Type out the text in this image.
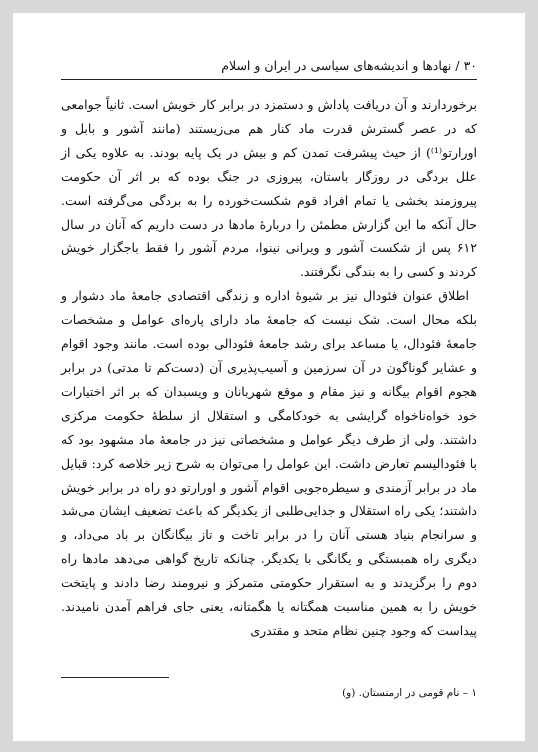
۳۰ / نهادها و اندیشه‌های سیاسی در ایران و اسلام

برخوردارند و آن دریافت پاداش و دستمزد در برابر کار خویش است. ثانیاً جوامعی که در عصر گسترش قدرت ماد کنار هم می‌زیستند (مانند آشور و بابل و اورارتو⁽¹⁾) از حیث پیشرفت تمدن کم و بیش در یک پایه بودند. به علاوه یکی از علل بردگی در روزگار باستان، پیروزی در جنگ بوده که بر اثر آن حکومت پیروزمند بخشی یا تمام افراد قوم شکست‌خورده را به بردگی می‌گرفته است. حال آنکه ما این گزارش مطمئن را دربارهٔ مادها در دست داریم که آنان در سال ۶۱۲ پس از شکست آشور و ویرانی نینوا، مردم آشور را فقط باجگزار خویش کردند و کسی را به بندگی نگرفتند.

اطلاق عنوان فئودال نیز بر شیوهٔ اداره و زندگی اقتصادی جامعهٔ ماد دشوار و بلکه محال است. شک نیست که جامعهٔ ماد دارای پاره‌ای عوامل و مشخصات جامعهٔ فئودال، یا مساعد برای رشد جامعهٔ فئودالی بوده است. مانند وجود اقوام و عشایر گوناگون در آن سرزمین و آسیب‌پذیری آن (دست‌کم تا مدتی) در برابر هجوم اقوام بیگانه و نیز مقام و موقع شهربانان و ویسبدان که بر اثر اختیارات خود خواه‌ناخواه گرایشی به خودکامگی و استقلال از سلطهٔ حکومت مرکزی داشتند. ولی از طرف دیگر عوامل و مشخصاتی نیز در جامعهٔ ماد مشهود بود که با فئودالیسم تعارض داشت. این عوامل را می‌توان به شرح زیر خلاصه کرد: قبایل ماد در برابر آزمندی و سیطره‌جویی اقوام آشور و اورارتو دو راه در برابر خویش داشتند؛ یکی راه استقلال و جدایی‌طلبی از یکدیگر که باعث تضعیف ایشان می‌شد و سرانجام بنیاد هستی آنان را در برابر تاخت و تاز بیگانگان بر باد می‌داد، و دیگری راه همبستگی و یگانگی با یکدیگر. چنانکه تاریخ گواهی می‌دهد مادها راه دوم را برگزیدند و به استقرار حکومتی متمرکز و نیرومند رضا دادند و پایتخت خویش را به همین مناسبت همگتانه یا هگمتانه، یعنی جای فراهم آمدن نامیدند. پیداست که وجود چنین نظام متحد و مقتدری

۱ – نام قومی در ارمنستان. (و)
